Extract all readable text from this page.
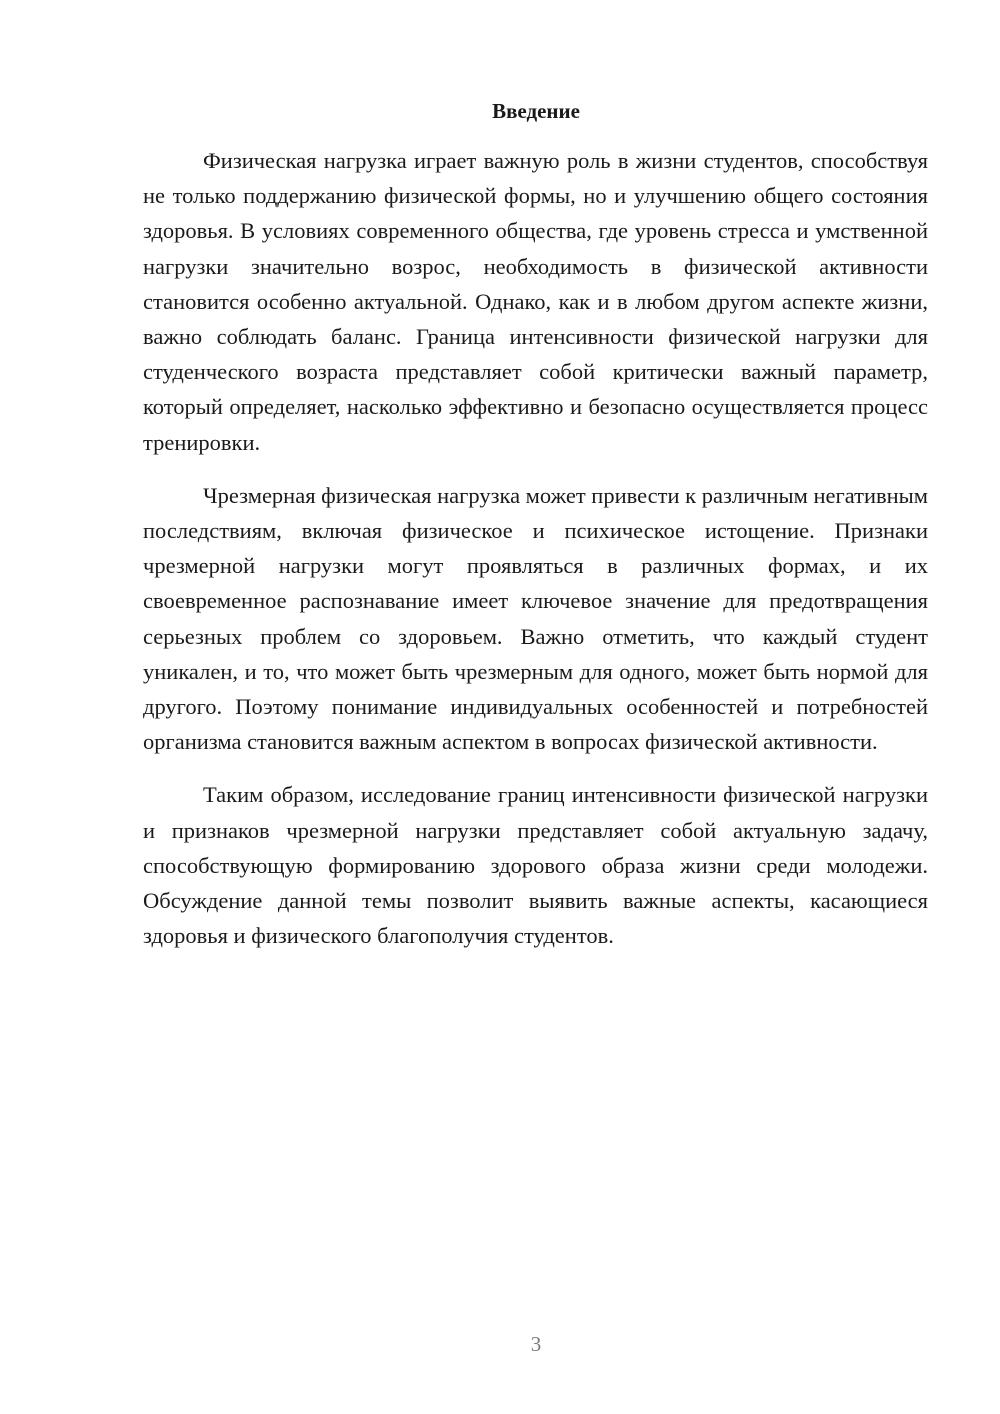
Введение

Физическая нагрузка играет важную роль в жизни студентов, способствуя не только поддержанию физической формы, но и улучшению общего состояния здоровья. В условиях современного общества, где уровень стресса и умственной нагрузки значительно возрос, необходимость в физической активности становится особенно актуальной. Однако, как и в любом другом аспекте жизни, важно соблюдать баланс. Граница интенсивности физической нагрузки для студенческого возраста представляет собой критически важный параметр, который определяет, насколько эффективно и безопасно осуществляется процесс тренировки.

Чрезмерная физическая нагрузка может привести к различным негативным последствиям, включая физическое и психическое истощение. Признаки чрезмерной нагрузки могут проявляться в различных формах, и их своевременное распознавание имеет ключевое значение для предотвращения серьезных проблем со здоровьем. Важно отметить, что каждый студент уникален, и то, что может быть чрезмерным для одного, может быть нормой для другого. Поэтому понимание индивидуальных особенностей и потребностей организма становится важным аспектом в вопросах физической активности.

Таким образом, исследование границ интенсивности физической нагрузки и признаков чрезмерной нагрузки представляет собой актуальную задачу, способствующую формированию здорового образа жизни среди молодежи. Обсуждение данной темы позволит выявить важные аспекты, касающиеся здоровья и физического благополучия студентов.

3
